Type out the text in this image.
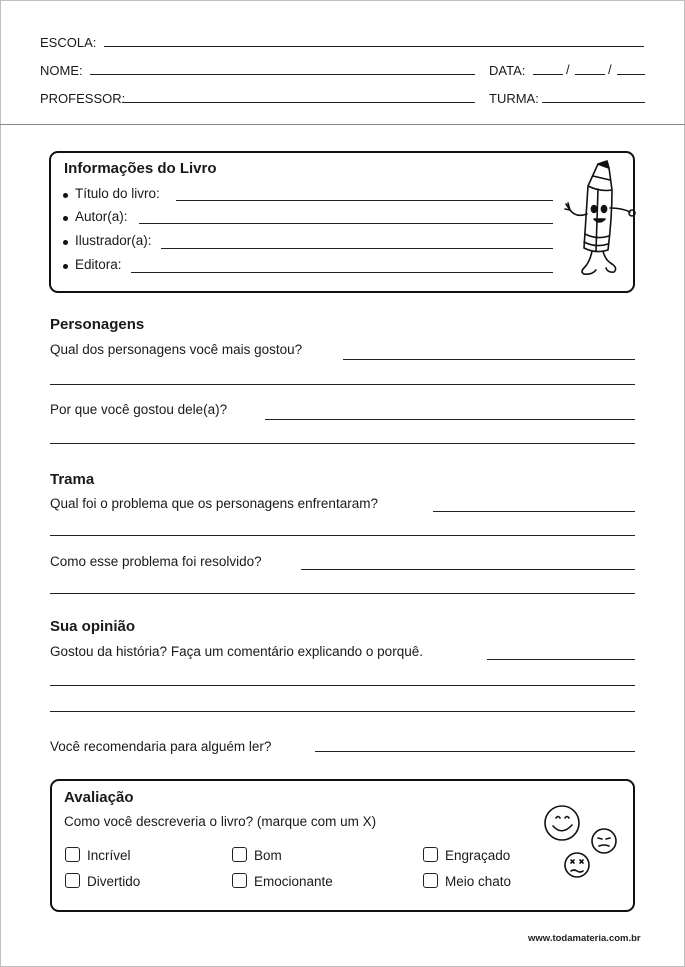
ESCOLA:
NOME:	DATA:	/	/
PROFESSOR:	TURMA:
Informações do Livro
Título do livro:
Autor(a):
Ilustrador(a):
Editora:
Personagens
Qual dos personagens você mais gostou?
Por que você gostou dele(a)?
Trama
Qual foi o problema que os personagens enfrentaram?
Como esse problema foi resolvido?
Sua opinião
Gostou da história? Faça um comentário explicando o porquê.
Você recomendaria para alguém ler?
Avaliação
Como você descreveria o livro? (marque com um X)
Incrível	Bom	Engraçado
Divertido	Emocionante	Meio chato
www.todamateria.com.br
